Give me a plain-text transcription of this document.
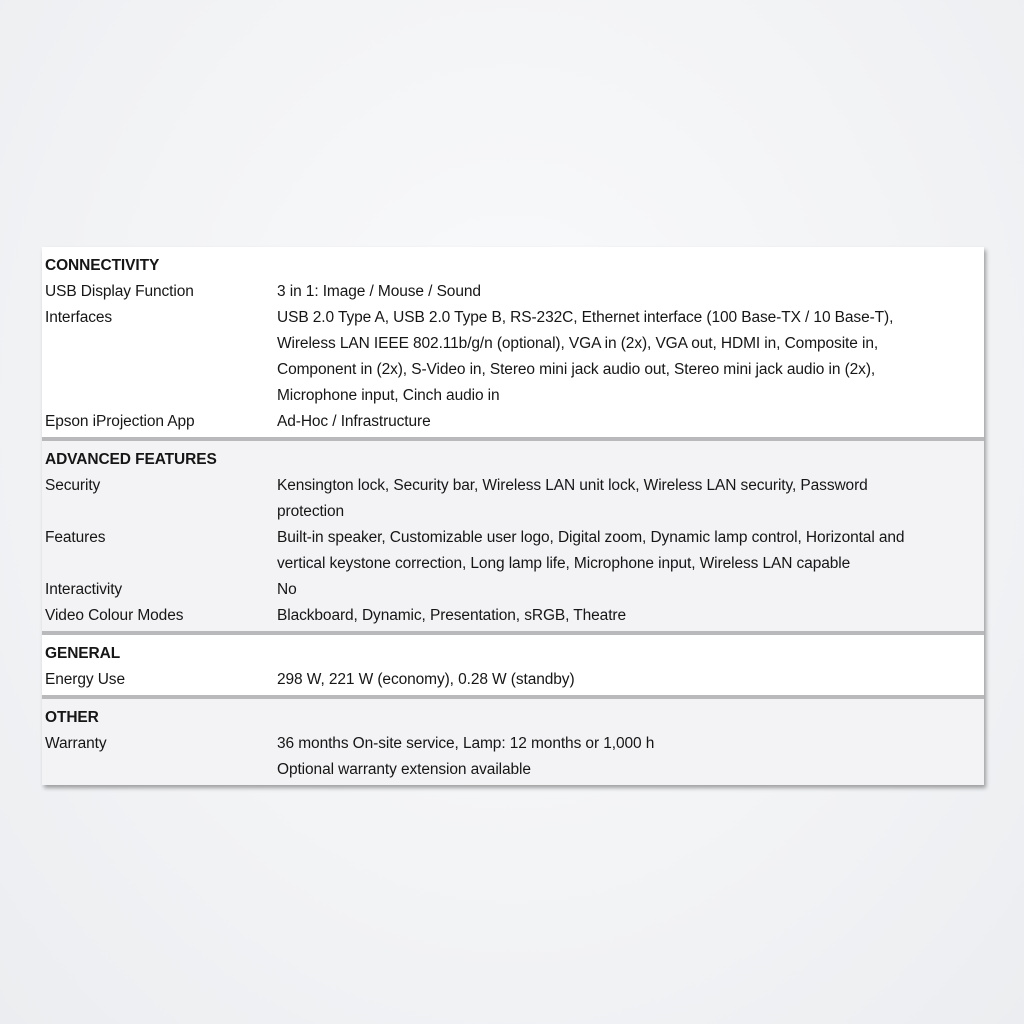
CONNECTIVITY
USB Display Function	3 in 1: Image / Mouse / Sound
Interfaces	USB 2.0 Type A, USB 2.0 Type B, RS-232C, Ethernet interface (100 Base-TX / 10 Base-T),
Wireless LAN IEEE 802.11b/g/n (optional), VGA in (2x), VGA out, HDMI in, Composite in,
Component in (2x), S-Video in, Stereo mini jack audio out, Stereo mini jack audio in (2x),
Microphone input, Cinch audio in
Epson iProjection App	Ad-Hoc / Infrastructure
ADVANCED FEATURES
Security	Kensington lock, Security bar, Wireless LAN unit lock, Wireless LAN security, Password
protection
Features	Built-in speaker, Customizable user logo, Digital zoom, Dynamic lamp control, Horizontal and
vertical keystone correction, Long lamp life, Microphone input, Wireless LAN capable
Interactivity	No
Video Colour Modes	Blackboard, Dynamic, Presentation, sRGB, Theatre
GENERAL
Energy Use	298 W, 221 W (economy), 0.28 W (standby)
OTHER
Warranty	36 months On-site service, Lamp: 12 months or 1,000 h
Optional warranty extension available
